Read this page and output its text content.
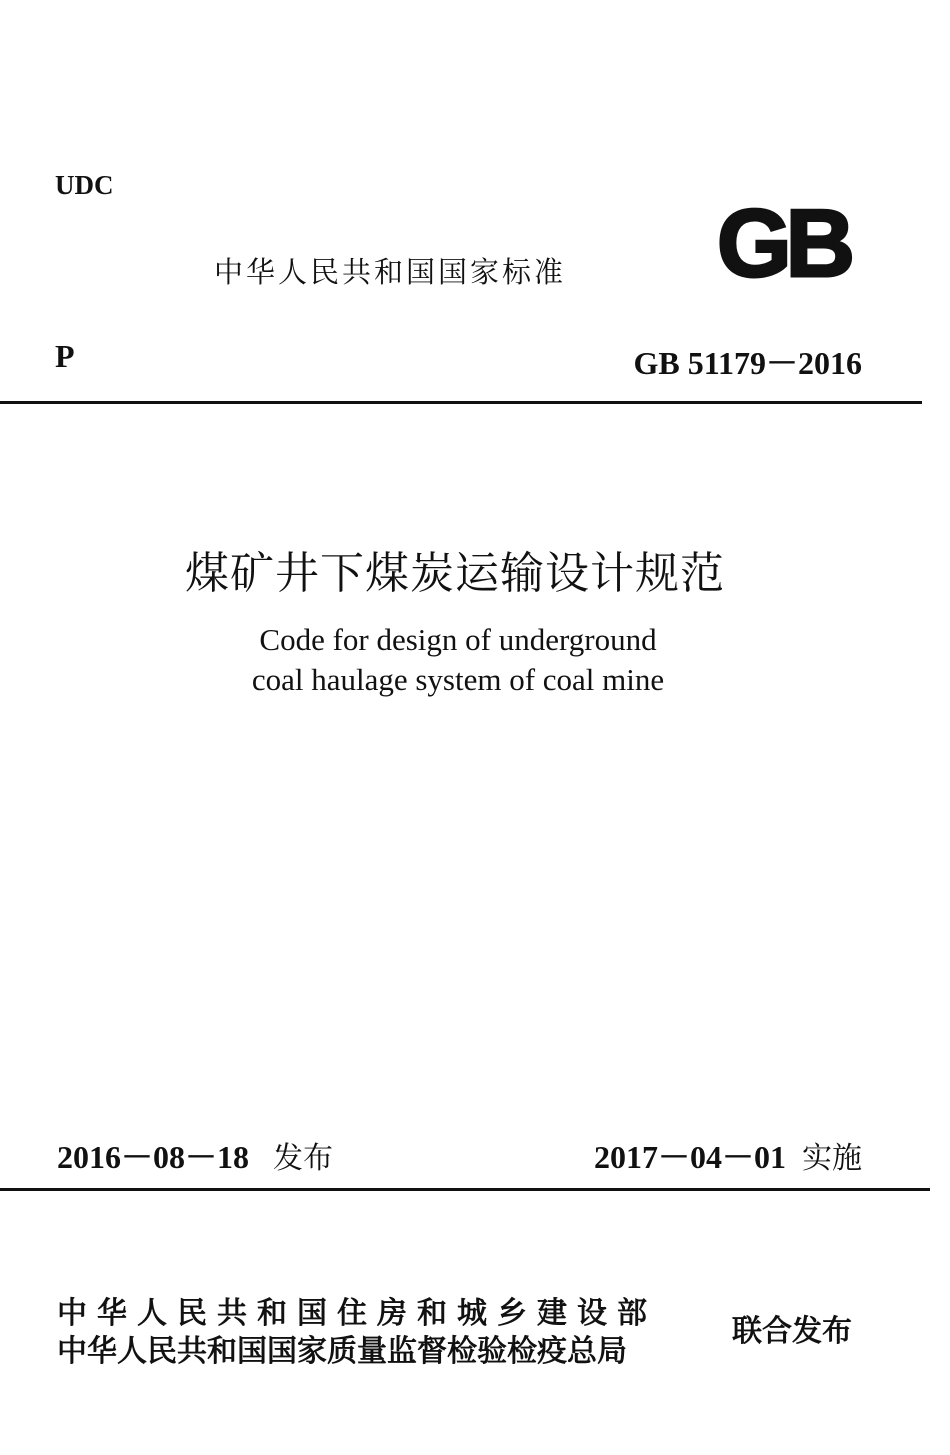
UDC
中华人民共和国国家标准 GB
P	GB 51179－2016
煤矿井下煤炭运输设计规范
Code for design of underground
coal haulage system of coal mine
2016－08－18 发布	2017－04－01 实施
中华人民共和国住房和城乡建设部
中华人民共和国国家质量监督检验检疫总局
联合发布
